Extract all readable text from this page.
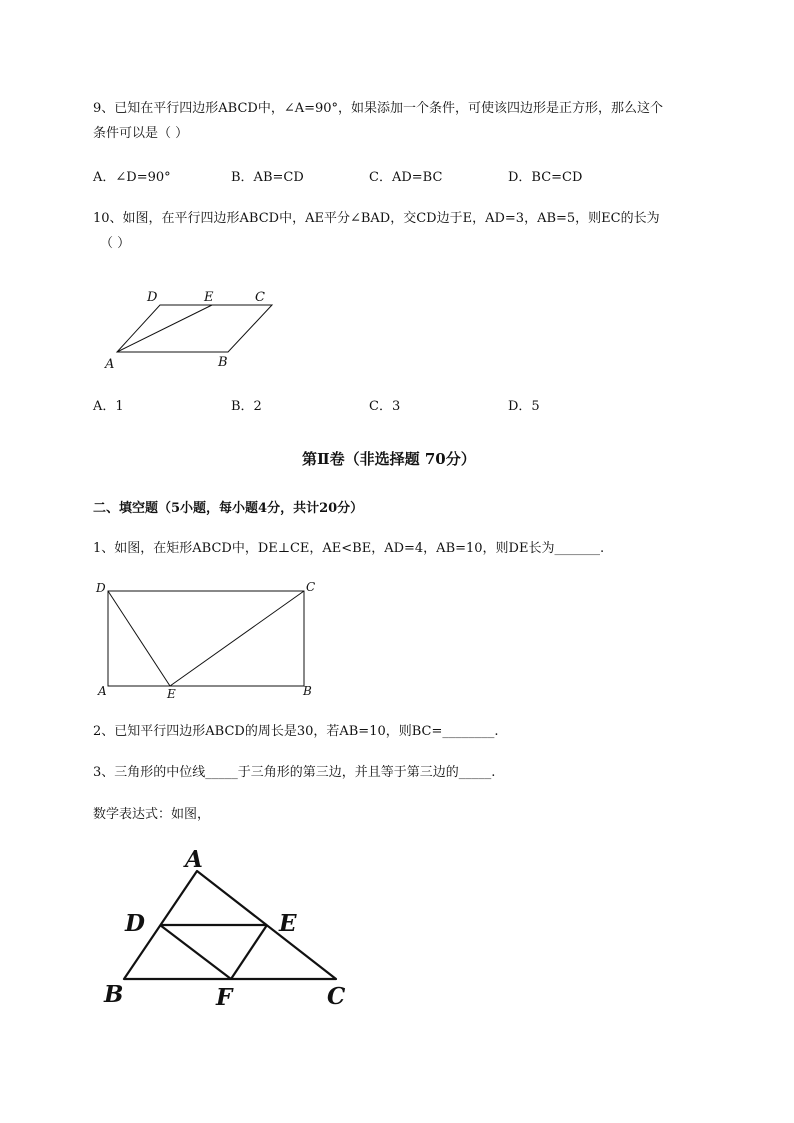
9、已知在平行四边形ABCD中，∠A=90°，如果添加一个条件，可使该四边形是正方形，那么这个
条件可以是（ ）
A．∠D=90°	B．AB=CD	C．AD=BC	D．BC=CD
10、如图，在平行四边形ABCD中，AE平分∠BAD，交CD边于E，AD=3，AB=5，则EC的长为
（ ）
D	E	C
A	B
A．1	B．2	C．3	D．5
第Ⅱ卷（非选择题 70分）
二、填空题（5小题，每小题4分，共计20分）
1、如图，在矩形ABCD中，DE⊥CE，AE<BE，AD=4，AB=10，则DE长为_______.
D	C
A	E	B
2、已知平行四边形ABCD的周长是30，若AB=10，则BC=________.
3、三角形的中位线_____于三角形的第三边，并且等于第三边的_____.
数学表达式：如图，
A
D	E
B	F	C
